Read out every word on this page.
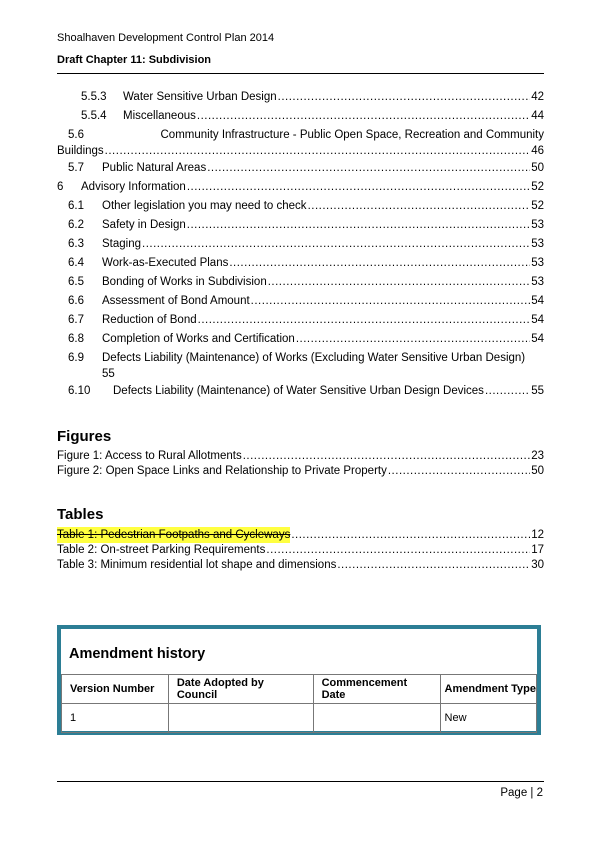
Shoalhaven Development Control Plan 2014
Draft Chapter 11: Subdivision
5.5.3	Water Sensitive Urban Design .....	42
5.5.4	Miscellaneous .....	44
5.6	Community Infrastructure - Public Open Space, Recreation and Community
Buildings .....	46
5.7	Public Natural Areas .....	50
6	Advisory Information .....	52
6.1	Other legislation you may need to check .....	52
6.2	Safety in Design .....	53
6.3	Staging .....	53
6.4	Work-as-Executed Plans .....	53
6.5	Bonding of Works in Subdivision .....	53
6.6	Assessment of Bond Amount .....	54
6.7	Reduction of Bond .....	54
6.8	Completion of Works and Certification .....	54
6.9 Defects Liability (Maintenance) of Works (Excluding Water Sensitive Urban Design)
55
6.10	Defects Liability (Maintenance) of Water Sensitive Urban Design Devices .....	55
Figures
Figure 1: Access to Rural Allotments .....	23
Figure 2: Open Space Links and Relationship to Private Property .....	50
Tables
Table 1: Pedestrian Footpaths and Cycleways .....	12
Table 2: On-street Parking Requirements .....	17
Table 3: Minimum residential lot shape and dimensions .....	30
Amendment history
Version Number	Date Adopted by Council	Commencement Date	Amendment Type
1			New
Page | 2
